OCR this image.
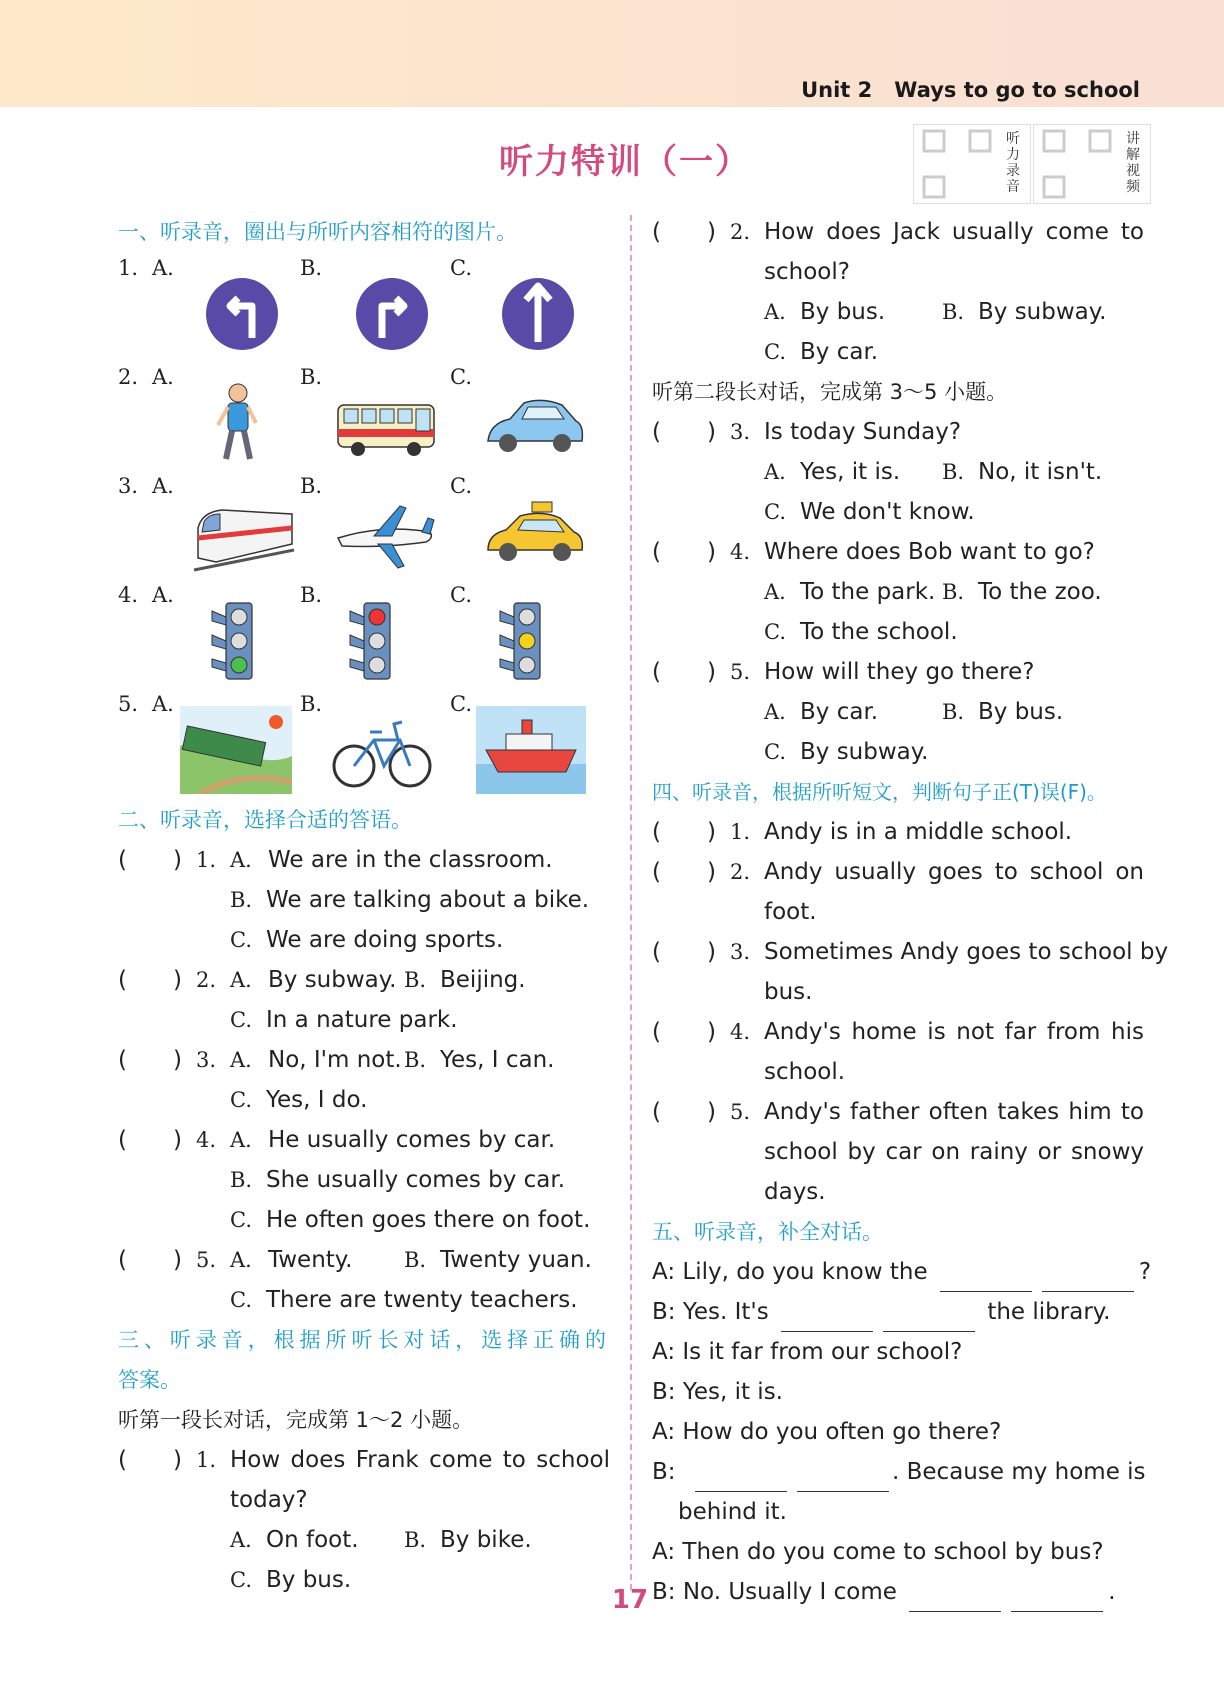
Unit 2 Ways to go to school
听力特训（一）
听力录音
讲解视频
一、听录音，圈出与所听内容相符的图片。
1. A.	B.	C.
2. A.	B.	C.
3. A.	B.	C.
4. A.	B.	C.
5. A.	B.	C.
二、听录音，选择合适的答语。
(　　) 1. A. We are in the classroom.
B. We are talking about a bike.
C. We are doing sports.
(　　) 2. A. By subway. B. Beijing.
C. In a nature park.
(　　) 3. A. No, I'm not. B. Yes, I can.
C. Yes, I do.
(　　) 4. A. He usually comes by car.
B. She usually comes by car.
C. He often goes there on foot.
(　　) 5. A. Twenty. B. Twenty yuan.
C. There are twenty teachers.
三、听录音，根据所听长对话，选择正确的
答案。
听第一段长对话，完成第 1～2 小题。
(　　) 1. How does Frank come to school
today?
A. On foot. B. By bike.
C. By bus.
(　　) 2. How does Jack usually come to
school?
A. By bus.	B. By subway.
C. By car.
听第二段长对话，完成第 3～5 小题。
(　　) 3. Is today Sunday?
A. Yes, it is. B. No, it isn't.
C. We don't know.
(　　) 4. Where does Bob want to go?
A. To the park. B. To the zoo.
C. To the school.
(　　) 5. How will they go there?
A. By car.	B. By bus.
C. By subway.
四、听录音，根据所听短文，判断句子正(T)误(F)。
(　　) 1. Andy is in a middle school.
(　　) 2. Andy usually goes to school on
foot.
(　　) 3. Sometimes Andy goes to school by
bus.
(　　) 4. Andy's home is not far from his
school.
(　　) 5. Andy's father often takes him to
school by car on rainy or snowy
days.
五、听录音，补全对话。
A: Lily, do you know the	?
B: Yes. It's	the library.
A: Is it far from our school?
B: Yes, it is.
A: How do you often go there?
B:	. Because my home is
behind it.
A: Then do you come to school by bus?
B: No. Usually I come	.
17
